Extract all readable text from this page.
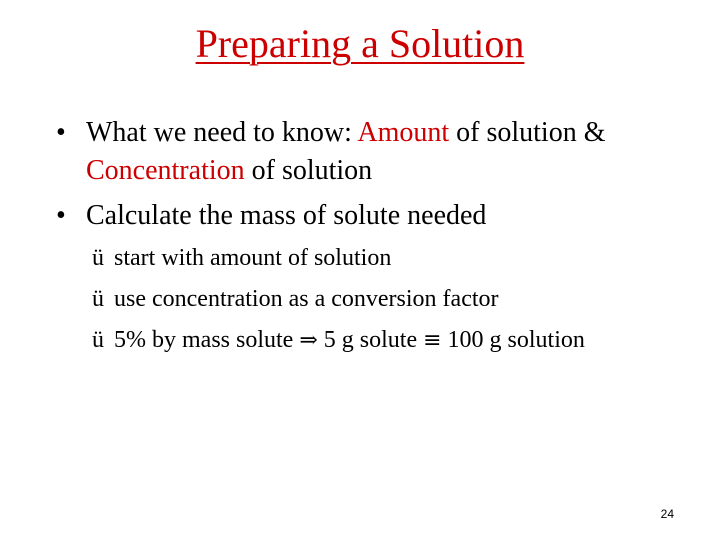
Preparing a Solution
• What we need to know: Amount of solution & Concentration of solution
• Calculate the mass of solute needed
ü start with amount of solution
ü use concentration as a conversion factor
ü 5% by mass solute ⇒ 5 g solute ≡ 100 g solution
24
